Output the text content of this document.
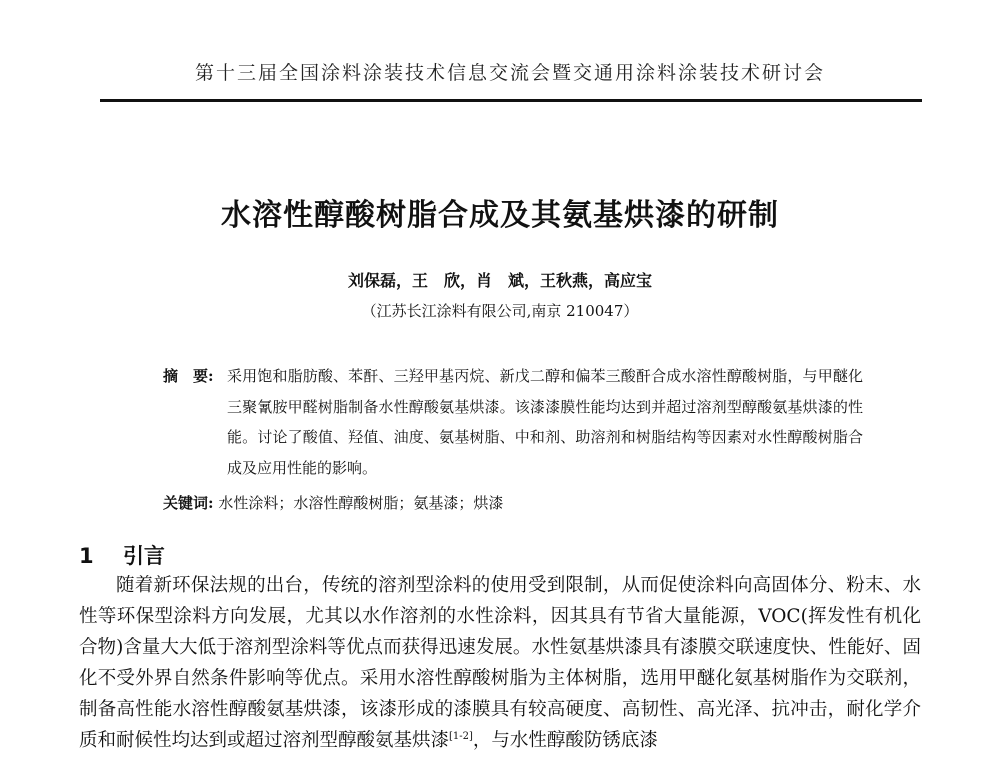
第十三届全国涂料涂装技术信息交流会暨交通用涂料涂装技术研讨会
水溶性醇酸树脂合成及其氨基烘漆的研制
刘保磊，王　欣，肖　斌，王秋燕，高应宝
（江苏长江涂料有限公司,南京 210047）
摘　要: 采用饱和脂肪酸、苯酐、三羟甲基丙烷、新戊二醇和偏苯三酸酐合成水溶性醇酸树脂，与甲醚化三聚氰胺甲醛树脂制备水性醇酸氨基烘漆。该漆漆膜性能均达到并超过溶剂型醇酸氨基烘漆的性能。讨论了酸值、羟值、油度、氨基树脂、中和剂、助溶剂和树脂结构等因素对水性醇酸树脂合成及应用性能的影响。
关键词: 水性涂料；水溶性醇酸树脂；氨基漆；烘漆
1 引言
随着新环保法规的出台，传统的溶剂型涂料的使用受到限制，从而促使涂料向高固体分、粉末、水性等环保型涂料方向发展，尤其以水作溶剂的水性涂料，因其具有节省大量能源，VOC(挥发性有机化合物)含量大大低于溶剂型涂料等优点而获得迅速发展。水性氨基烘漆具有漆膜交联速度快、性能好、固化不受外界自然条件影响等优点。采用水溶性醇酸树脂为主体树脂，选用甲醚化氨基树脂作为交联剂，制备高性能水溶性醇酸氨基烘漆，该漆形成的漆膜具有较高硬度、高韧性、高光泽、抗冲击，耐化学介质和耐候性均达到或超过溶剂型醇酸氨基烘漆[1-2]，与水性醇酸防锈底漆
